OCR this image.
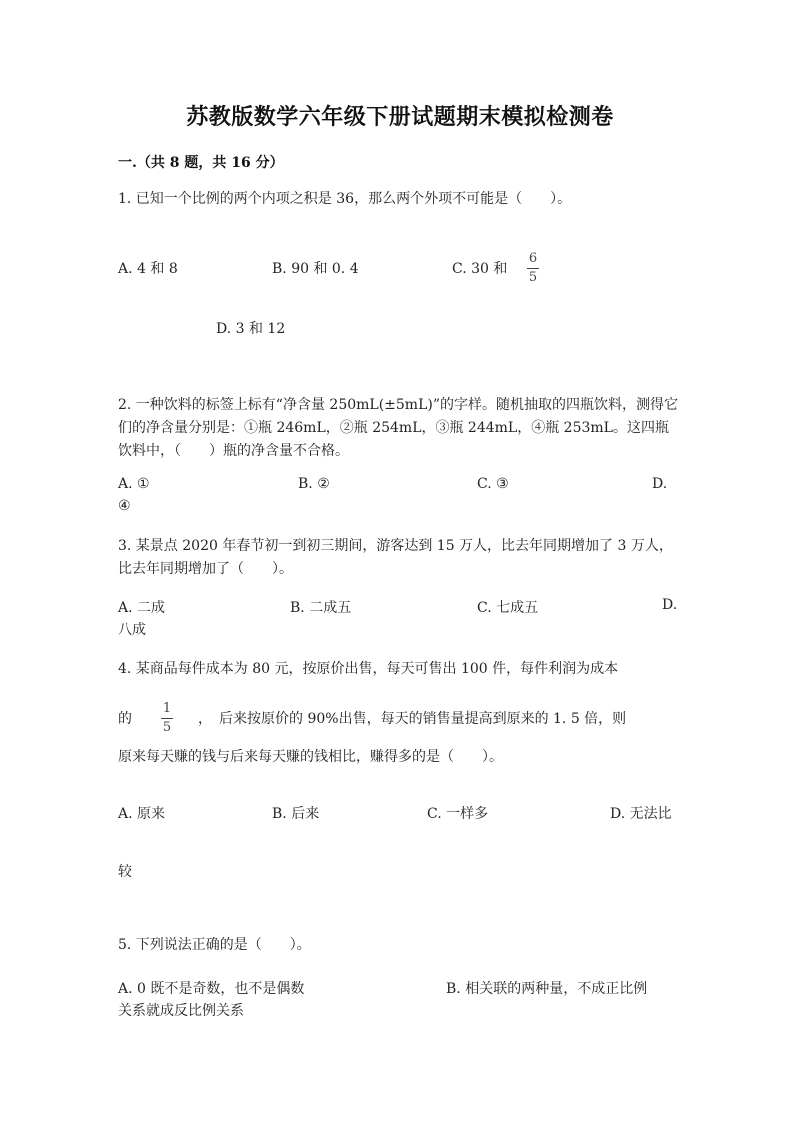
苏教版数学六年级下册试题期末模拟检测卷
一.（共 8 题，共 16 分）
1. 已知一个比例的两个内项之积是 36，那么两个外项不可能是（　　）。
A. 4 和 8	B. 90 和 0. 4	C. 30 和
6
5
D. 3 和 12
2. 一种饮料的标签上标有“净含量 250mL(±5mL)”的字样。随机抽取的四瓶饮料，测得它们的净含量分别是：①瓶 246mL，②瓶 254mL，③瓶 244mL，④瓶 253mL。这四瓶饮料中，（　　）瓶的净含量不合格。
A. ①	B. ②	C. ③	D.
④
3. 某景点 2020 年春节初一到初三期间，游客达到 15 万人，比去年同期增加了 3 万人，比去年同期增加了（　　）。
A. 二成	B. 二成五	C. 七成五	D.
八成
4. 某商品每件成本为 80 元，按原价出售，每天可售出 100 件，每件利润为成本
的
1
5
，　后来按原价的 90%出售，每天的销售量提高到原来的 1. 5 倍，则
原来每天赚的钱与后来每天赚的钱相比，赚得多的是（　　）。
A. 原来	B. 后来	C. 一样多	D. 无法比
较
5. 下列说法正确的是（　　）。
A. 0 既不是奇数，也不是偶数	B. 相关联的两种量，不成正比例
关系就成反比例关系
